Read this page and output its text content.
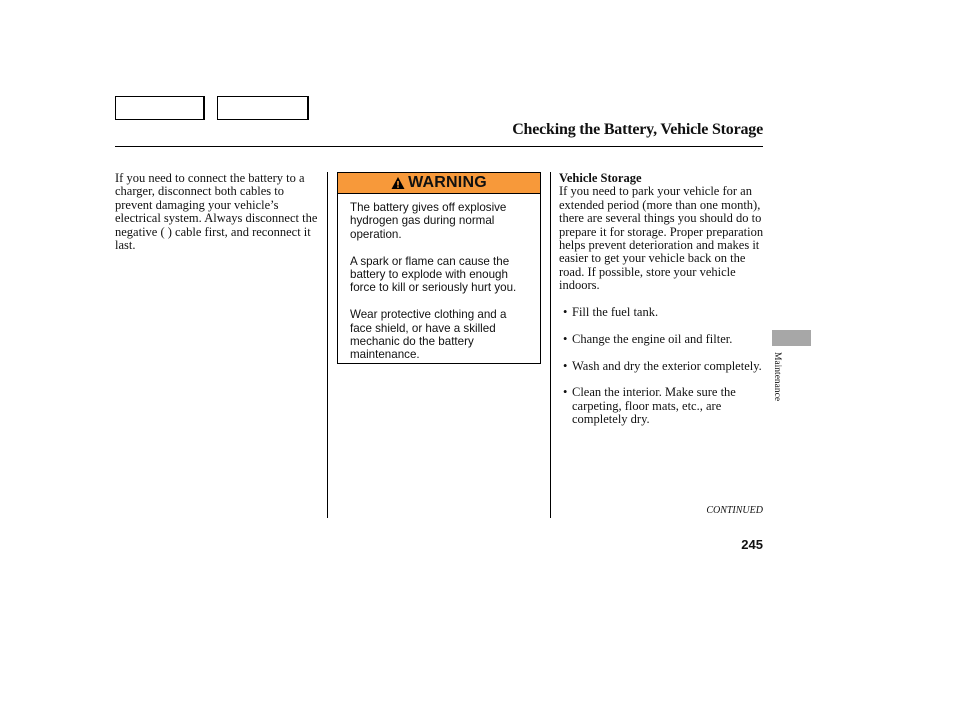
Checking the Battery, Vehicle Storage

If you need to connect the battery to a charger, disconnect both cables to prevent damaging your vehicle’s electrical system. Always disconnect the negative ( ) cable first, and reconnect it last.

WARNING

The battery gives off explosive hydrogen gas during normal operation.

A spark or flame can cause the battery to explode with enough force to kill or seriously hurt you.

Wear protective clothing and a face shield, or have a skilled mechanic do the battery maintenance.

Vehicle Storage

If you need to park your vehicle for an extended period (more than one month), there are several things you should do to prepare it for storage. Proper preparation helps prevent deterioration and makes it easier to get your vehicle back on the road. If possible, store your vehicle indoors.

• Fill the fuel tank.
• Change the engine oil and filter.
• Wash and dry the exterior completely.
• Clean the interior. Make sure the carpeting, floor mats, etc., are completely dry.
Maintenance
CONTINUED
245
